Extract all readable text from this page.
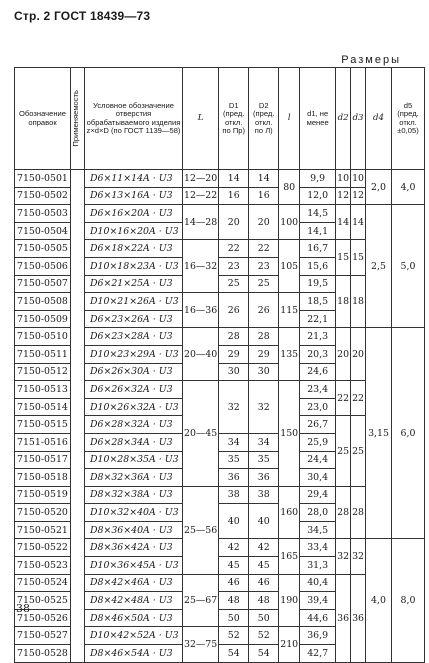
Стр. 2 ГОСТ 18439—73
Размеры
Обозначение оправок	Применяемость	Условное обозначение отверстия обрабатываемого изделия z×d×D (по ГОСТ 1139—58)	L	D1 (пред. откл. по Пр)	D2 (пред. откл. по Л)	l	d1, не менее	d2	d3	d4	d5 (пред. откл. ±0,05)
7150-0501		D6×11×14A · U3	12—20	14	14	80	9,9	10	10	2,0	4,0
7150-0502		D6×13×16A · U3	12—22	16	16		12,0	12	12		
7150-0503		D6×16×20A · U3	14—28	20	20	100	14,5	14	14	2,5	5,0
7150-0504		D10×16×20A · U3					14,1				
7150-0505		D6×18×22A · U3	16—32	22	22	105	16,7	15	15		
7150-0506		D10×18×23A · U3		23	23		15,6				
7150-0507		D6×21×25A · U3		25	25		19,5	18	18		
7150-0508		D10×21×26A · U3	16—36	26	26	115	18,5				
7150-0509		D6×23×26A · U3					22,1				
7150-0510		D6×23×28A · U3	20—40	28	28	135	21,3	20	20	3,15	6,0
7150-0511		D10×23×29A · U3		29	29		20,3				
7150-0512		D6×26×30A · U3		30	30		24,6				
7150-0513		D6×26×32A · U3	20—45	32	32	150	23,4	22	22		
7150-0514		D10×26×32A · U3					23,0				
7150-0515		D6×28×32A · U3					26,7	25	25		
7151-0516		D6×28×34A · U3		34	34		25,9				
7150-0517		D10×28×35A · U3		35	35		24,4				
7150-0518		D8×32×36A · U3		36	36		30,4				
7150-0519		D8×32×38A · U3	25—56	38	38	160	29,4	28	28		
7150-0520		D10×32×40A · U3		40	40		28,0				
7150-0521		D8×36×40A · U3					34,5				
7150-0522		D8×36×42A · U3		42	42	165	33,4	32	32	4,0	8,0
7150-0523		D10×36×45A · U3		45	45		31,3				
7150-0524		D8×42×46A · U3	25—67	46	46	190	40,4	36	36		
7150-0525		D8×42×48A · U3		48	48		39,4				
7150-0526		D8×46×50A · U3		50	50		44,6				
7150-0527		D10×42×52A · U3	32—75	52	52	210	36,9				
7150-0528		D8×46×54A · U3		54	54		42,7				
38
